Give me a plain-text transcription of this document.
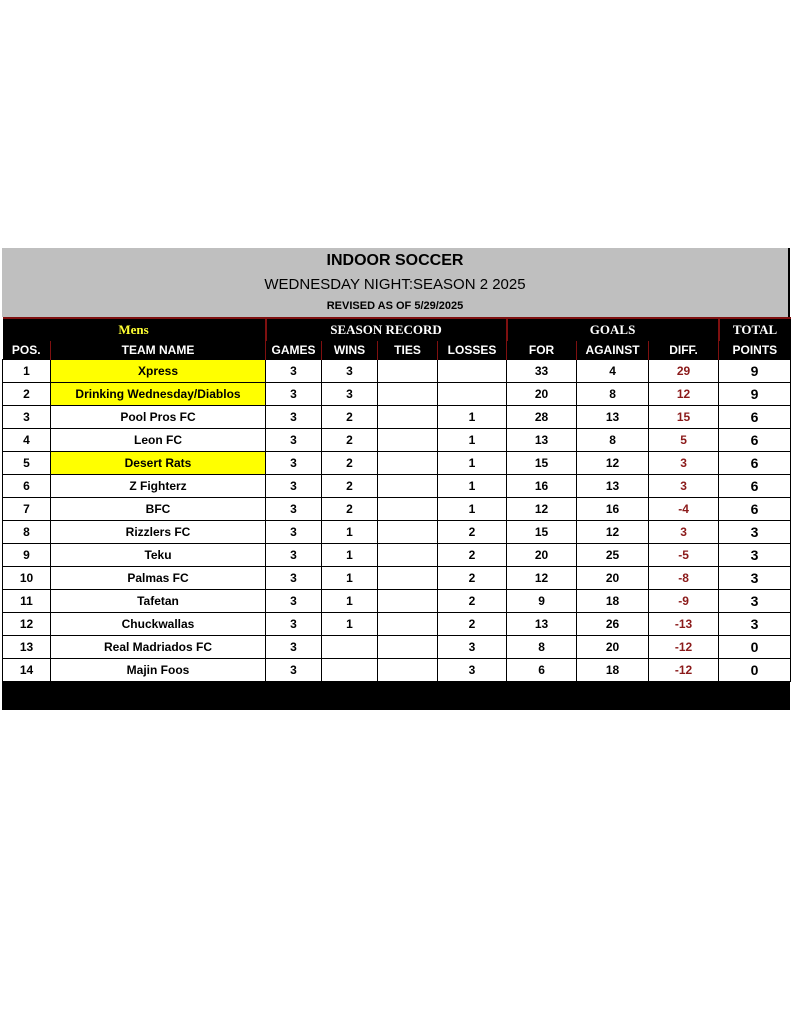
INDOOR SOCCER
WEDNESDAY NIGHT:SEASON 2 2025
REVISED AS OF 5/29/2025
Mens		SEASON RECORD				GOALS			TOTAL
POS.	TEAM NAME	GAMES	WINS	TIES	LOSSES	FOR	AGAINST	DIFF.	POINTS
1	Xpress	3	3			33	4	29	9
2	Drinking Wednesday/Diablos	3	3			20	8	12	9
3	Pool Pros FC	3	2		1	28	13	15	6
4	Leon FC	3	2		1	13	8	5	6
5	Desert Rats	3	2		1	15	12	3	6
6	Z Fighterz	3	2		1	16	13	3	6
7	BFC	3	2		1	12	16	-4	6
8	Rizzlers FC	3	1		2	15	12	3	3
9	Teku	3	1		2	20	25	-5	3
10	Palmas FC	3	1		2	12	20	-8	3
11	Tafetan	3	1		2	9	18	-9	3
12	Chuckwallas	3	1		2	13	26	-13	3
13	Real Madriados FC	3			3	8	20	-12	0
14	Majin Foos	3			3	6	18	-12	0
